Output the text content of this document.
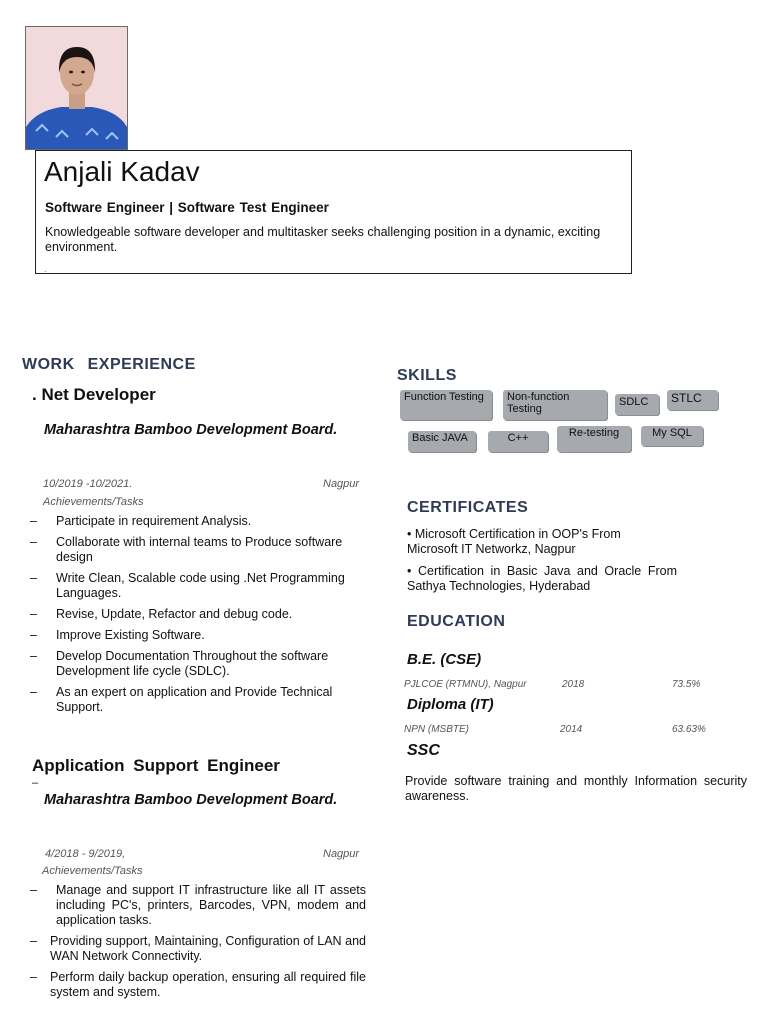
Anjali Kadav
Software Engineer | Software Test Engineer
Knowledgeable software developer and multitasker seeks challenging position in a dynamic, exciting environment.
.
WORK EXPERIENCE
. Net Developer
Maharashtra Bamboo Development Board.
10/2019 -10/2021.	Nagpur
Achievements/Tasks
– Participate in requirement Analysis.
– Collaborate with internal teams to Produce software design
– Write Clean, Scalable code using .Net Programming Languages.
– Revise, Update, Refactor and debug code.
– Improve Existing Software.
– Develop Documentation Throughout the software Development life cycle (SDLC).
– As an expert on application and Provide Technical Support.
Application Support Engineer
–
Maharashtra Bamboo Development Board.
4/2018 - 9/2019,	Nagpur
Achievements/Tasks
– Manage and support IT infrastructure like all IT assets including PC's, printers, Barcodes, VPN, modem and application tasks.
– Providing support, Maintaining, Configuration of LAN and WAN Network Connectivity.
– Perform daily backup operation, ensuring all required file system and system.
SKILLS
Function Testing	Non-function Testing
SDLC	STLC
Basic JAVA	C++	Re-testing	My SQL
CERTIFICATES
• Microsoft Certification in OOP's From Microsoft IT Networkz, Nagpur
• Certification in Basic Java and Oracle From Sathya Technologies, Hyderabad
EDUCATION
B.E. (CSE)
PJLCOE (RTMNU), Nagpur	2018	73.5%
Diploma (IT)
NPN (MSBTE)	2014	63.63%
SSC
Provide software training and monthly Information security awareness.
